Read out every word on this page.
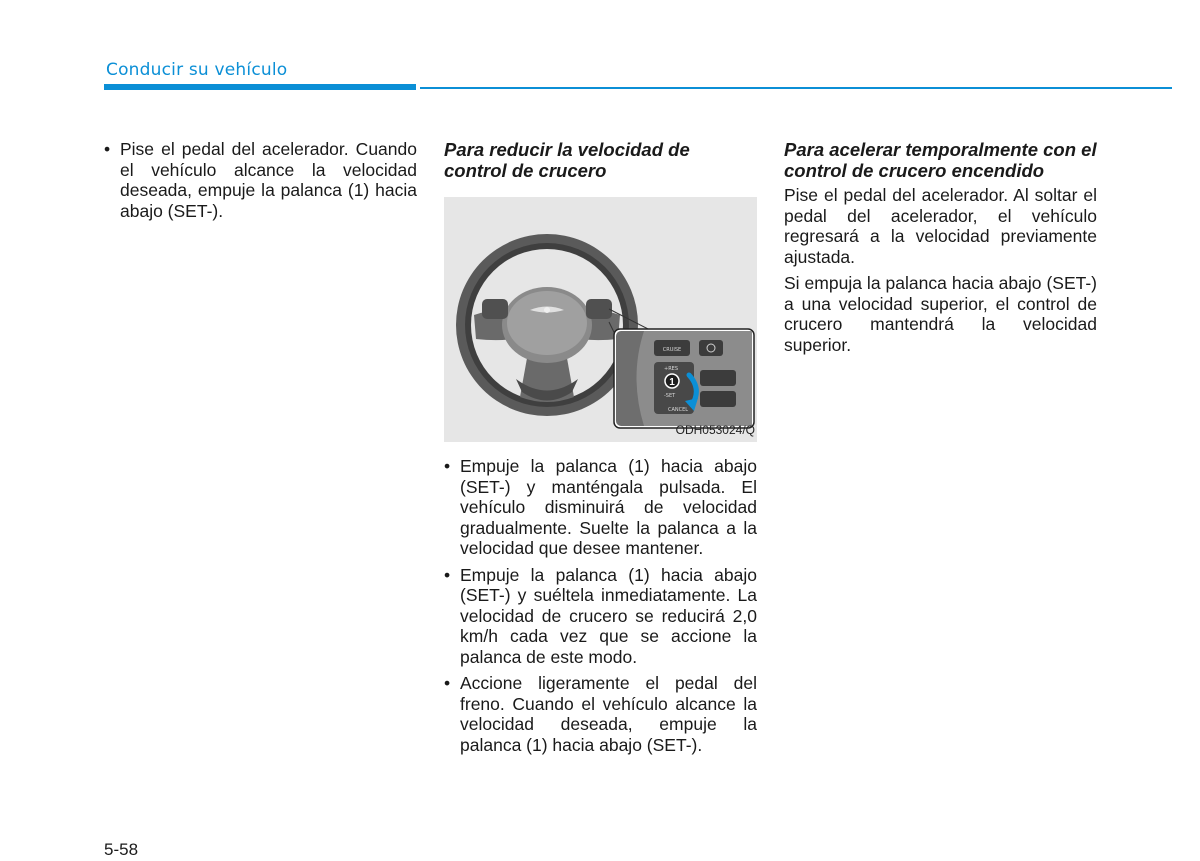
Conducir su vehículo
• Pise el pedal del acelerador. Cuando el vehículo alcance la velocidad deseada, empuje la palanca (1) hacia abajo (SET-).
Para reducir la velocidad de control de crucero
CRUISE
+RES
-SET
CANCEL
1
ODH053024/Q
• Empuje la palanca (1) hacia abajo (SET-) y manténgala pulsada. El vehículo disminuirá de velocidad gradualmente. Suelte la palanca a la velocidad que desee mantener.
• Empuje la palanca (1) hacia abajo (SET-) y suéltela inmediatamente. La velocidad de crucero se reducirá 2,0 km/h cada vez que se accione la palanca de este modo.
• Accione ligeramente el pedal del freno. Cuando el vehículo alcance la velocidad deseada, empuje la palanca (1) hacia abajo (SET-).
Para acelerar temporalmente con el control de crucero encendido

Pise el pedal del acelerador. Al soltar el pedal del acelerador, el vehículo regresará a la velocidad previamente ajustada.

Si empuja la palanca hacia abajo (SET-) a una velocidad superior, el control de crucero mantendrá la velocidad superior.

5-58
